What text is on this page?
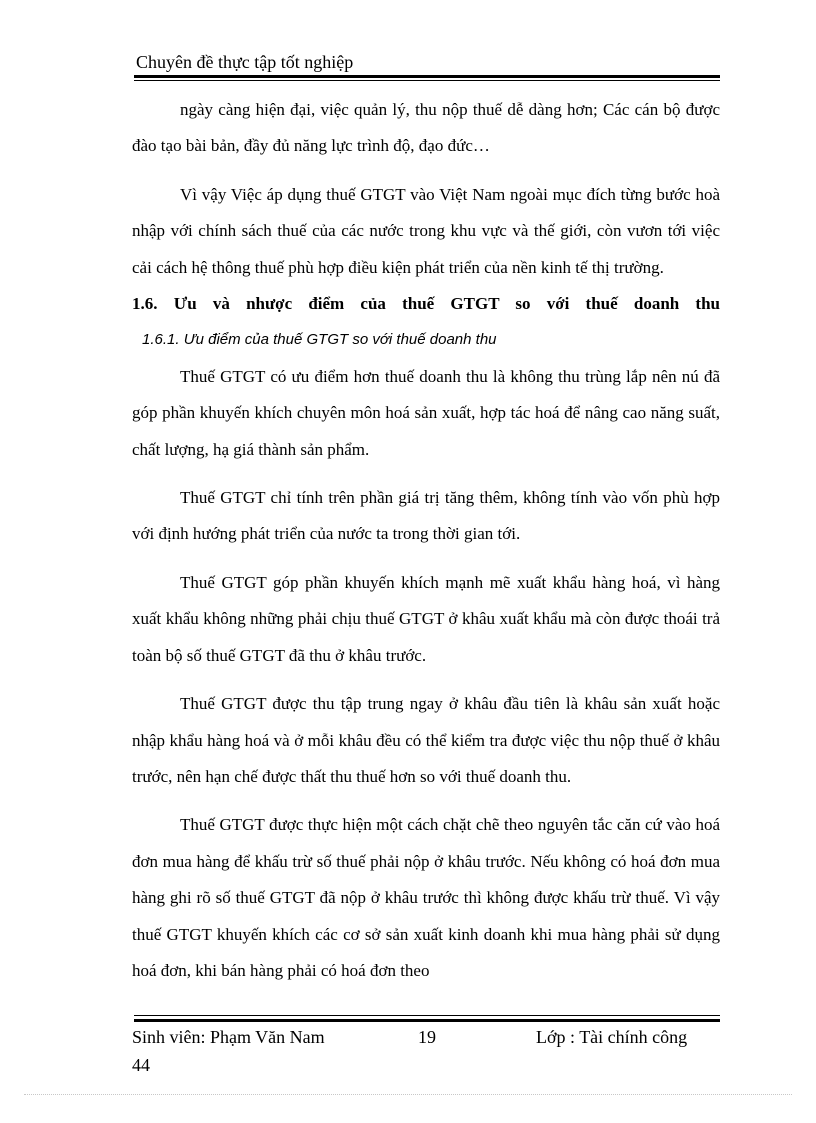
Chuyên đề thực tập tốt nghiệp

ngày càng hiện đại, việc quản lý, thu nộp thuế dễ dàng hơn; Các cán bộ được đào tạo bài bản, đầy đủ năng lực trình độ, đạo đức…

Vì vậy Việc áp dụng thuế GTGT vào Việt Nam ngoài mục đích từng bước hoà nhập với chính sách thuế của các nước trong khu vực và thế giới, còn vươn tới việc cải cách hệ thông thuế phù hợp điều kiện phát triển của nền kinh tế thị trường.

1.6. Ưu và nhược điểm của thuế GTGT so với thuế doanh thu

1.6.1. Ưu điểm của thuế GTGT so với thuế doanh thu

Thuế GTGT có ưu điểm hơn thuế doanh thu là không thu trùng lắp nên nú đã góp phần khuyến khích chuyên môn hoá sản xuất, hợp tác hoá để nâng cao năng suất, chất lượng, hạ giá thành sản phẩm.

Thuế GTGT chỉ tính trên phần giá trị tăng thêm, không tính vào vốn phù hợp với định hướng phát triển của nước ta trong thời gian tới.

Thuế GTGT góp phần khuyến khích mạnh mẽ xuất khẩu hàng hoá, vì hàng xuất khẩu không những phải chịu thuế GTGT ở khâu xuất khẩu mà còn được thoái trả toàn bộ số thuế GTGT đã thu ở khâu trước.

Thuế GTGT được thu tập trung ngay ở khâu đầu tiên là khâu sản xuất hoặc nhập khẩu hàng hoá và ở mỗi khâu đều có thể kiểm tra được việc thu nộp thuế ở khâu trước, nên hạn chế được thất thu thuế hơn so với thuế doanh thu.

Thuế GTGT được thực hiện một cách chặt chẽ theo nguyên tắc căn cứ vào hoá đơn mua hàng để khấu trừ số thuế phải nộp ở khâu trước. Nếu không có hoá đơn mua hàng ghi rõ số thuế GTGT đã nộp ở khâu trước thì không được khấu trừ thuế. Vì vậy thuế GTGT khuyến khích các cơ sở sản xuất kinh doanh khi mua hàng phải sử dụng hoá đơn, khi bán hàng phải có hoá đơn theo

Sinh viên: Phạm Văn Nam	19	Lớp : Tài chính công
44
